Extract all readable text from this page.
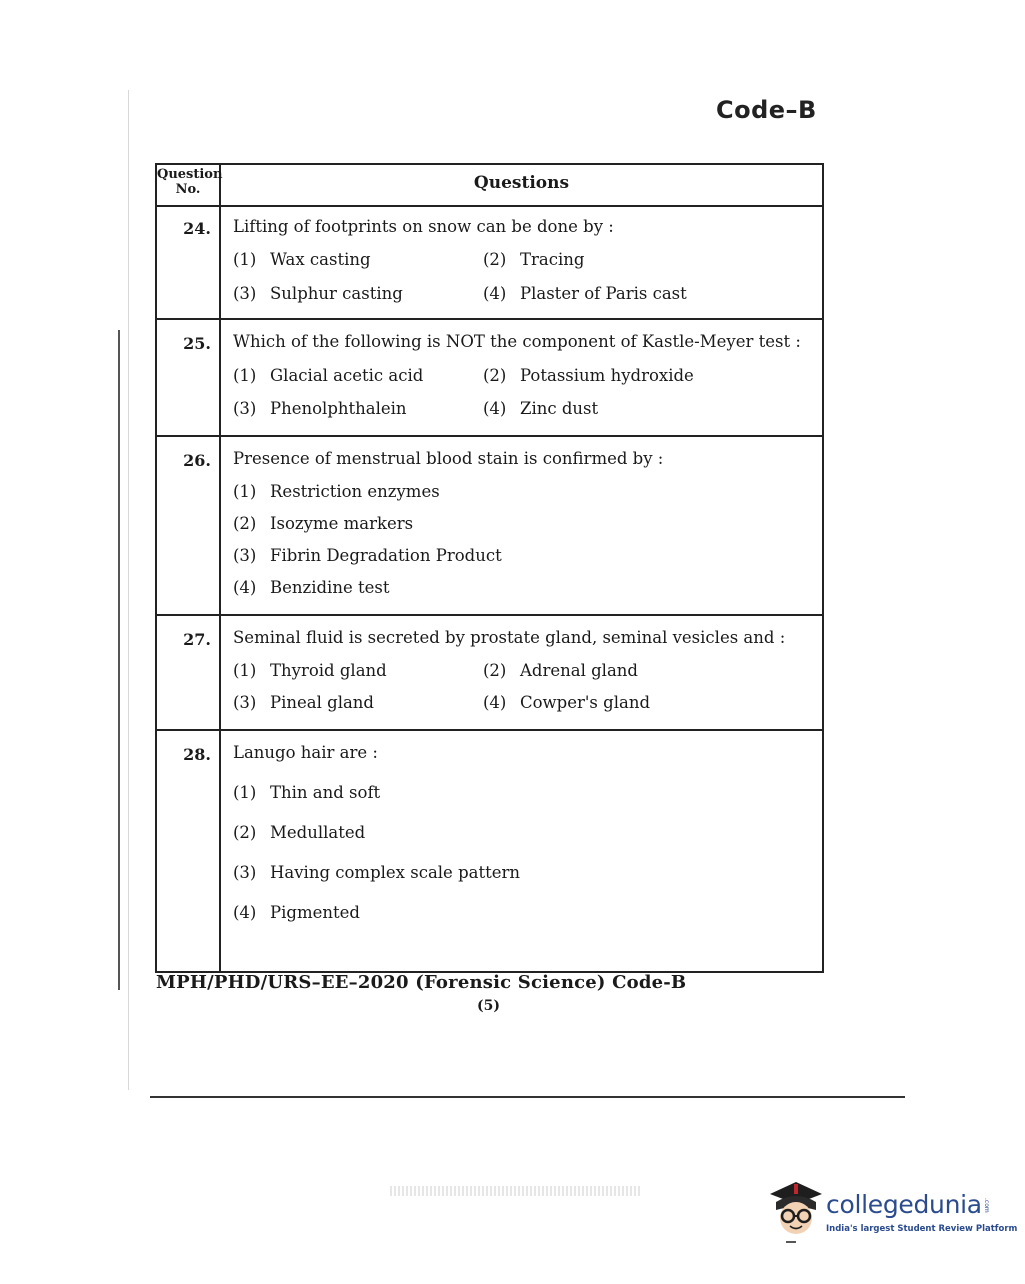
Code–B
Question
No.	Questions
24. Lifting of footprints on snow can be done by :
(1) Wax casting	(2) Tracing
(3) Sulphur casting	(4) Plaster of Paris cast
25. Which of the following is NOT the component of Kastle-Meyer test :
(1) Glacial acetic acid	(2) Potassium hydroxide
(3) Phenolphthalein	(4) Zinc dust
26. Presence of menstrual blood stain is confirmed by :
(1) Restriction enzymes
(2) Isozyme markers
(3) Fibrin Degradation Product
(4) Benzidine test
27. Seminal fluid is secreted by prostate gland, seminal vesicles and :
(1) Thyroid gland	(2) Adrenal gland
(3) Pineal gland	(4) Cowper's gland
28. Lanugo hair are :
(1) Thin and soft
(2) Medullated
(3) Having complex scale pattern
(4) Pigmented
MPH/PHD/URS–EE–2020 (Forensic Science) Code-B
(5)
collegedunia .com
India's largest Student Review Platform
